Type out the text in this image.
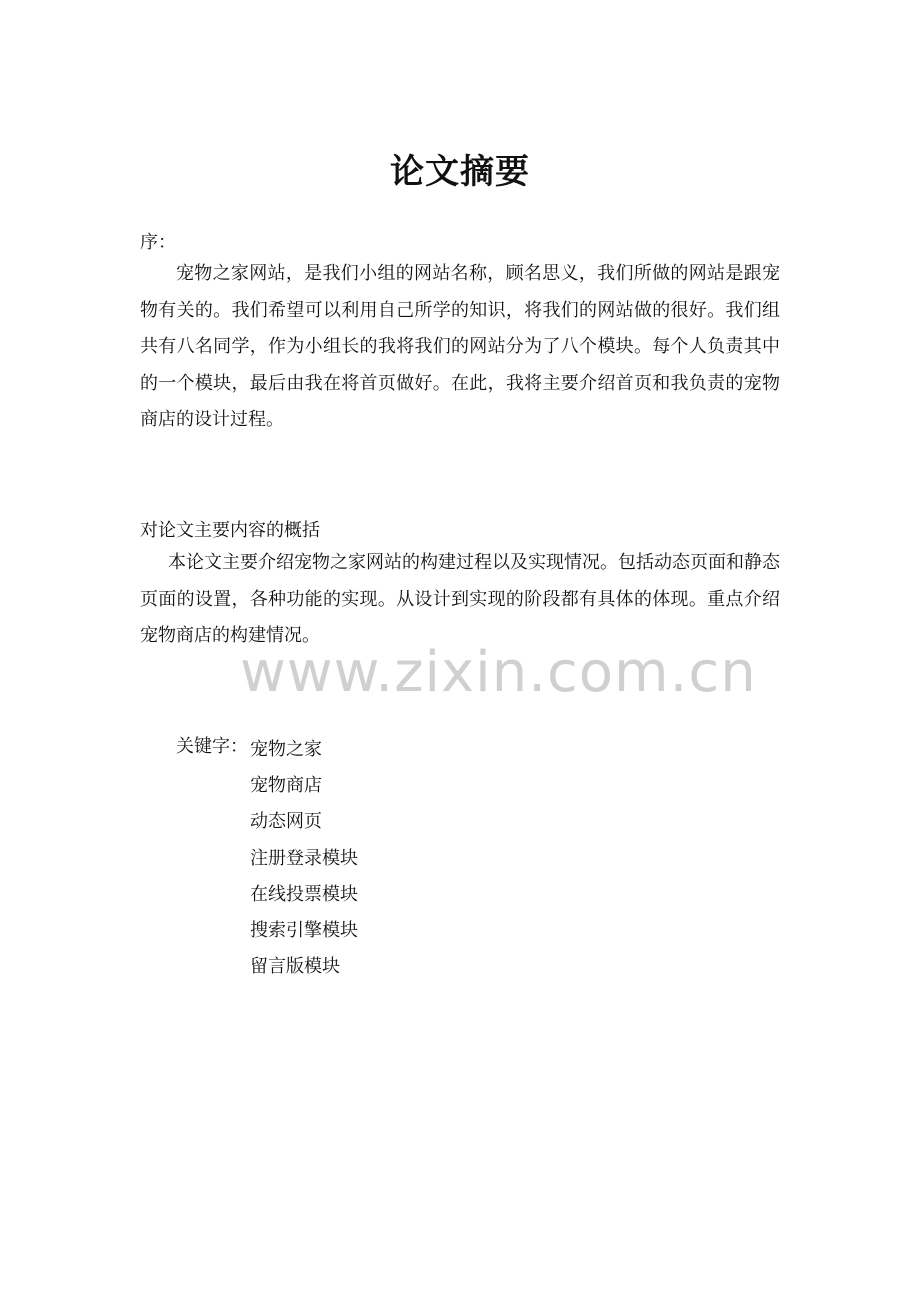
论文摘要
序：

宠物之家网站，是我们小组的网站名称，顾名思义，我们所做的网站是跟宠物有关的。我们希望可以利用自己所学的知识，将我们的网站做的很好。我们组共有八名同学，作为小组长的我将我们的网站分为了八个模块。每个人负责其中的一个模块，最后由我在将首页做好。在此，我将主要介绍首页和我负责的宠物商店的设计过程。

对论文主要内容的概括

本论文主要介绍宠物之家网站的构建过程以及实现情况。包括动态页面和静态页面的设置，各种功能的实现。从设计到实现的阶段都有具体的体现。重点介绍宠物商店的构建情况。

关键字： 宠物之家
宠物商店
动态网页
注册登录模块
在线投票模块
搜索引擎模块
留言版模块
www.zixin.com.cn
